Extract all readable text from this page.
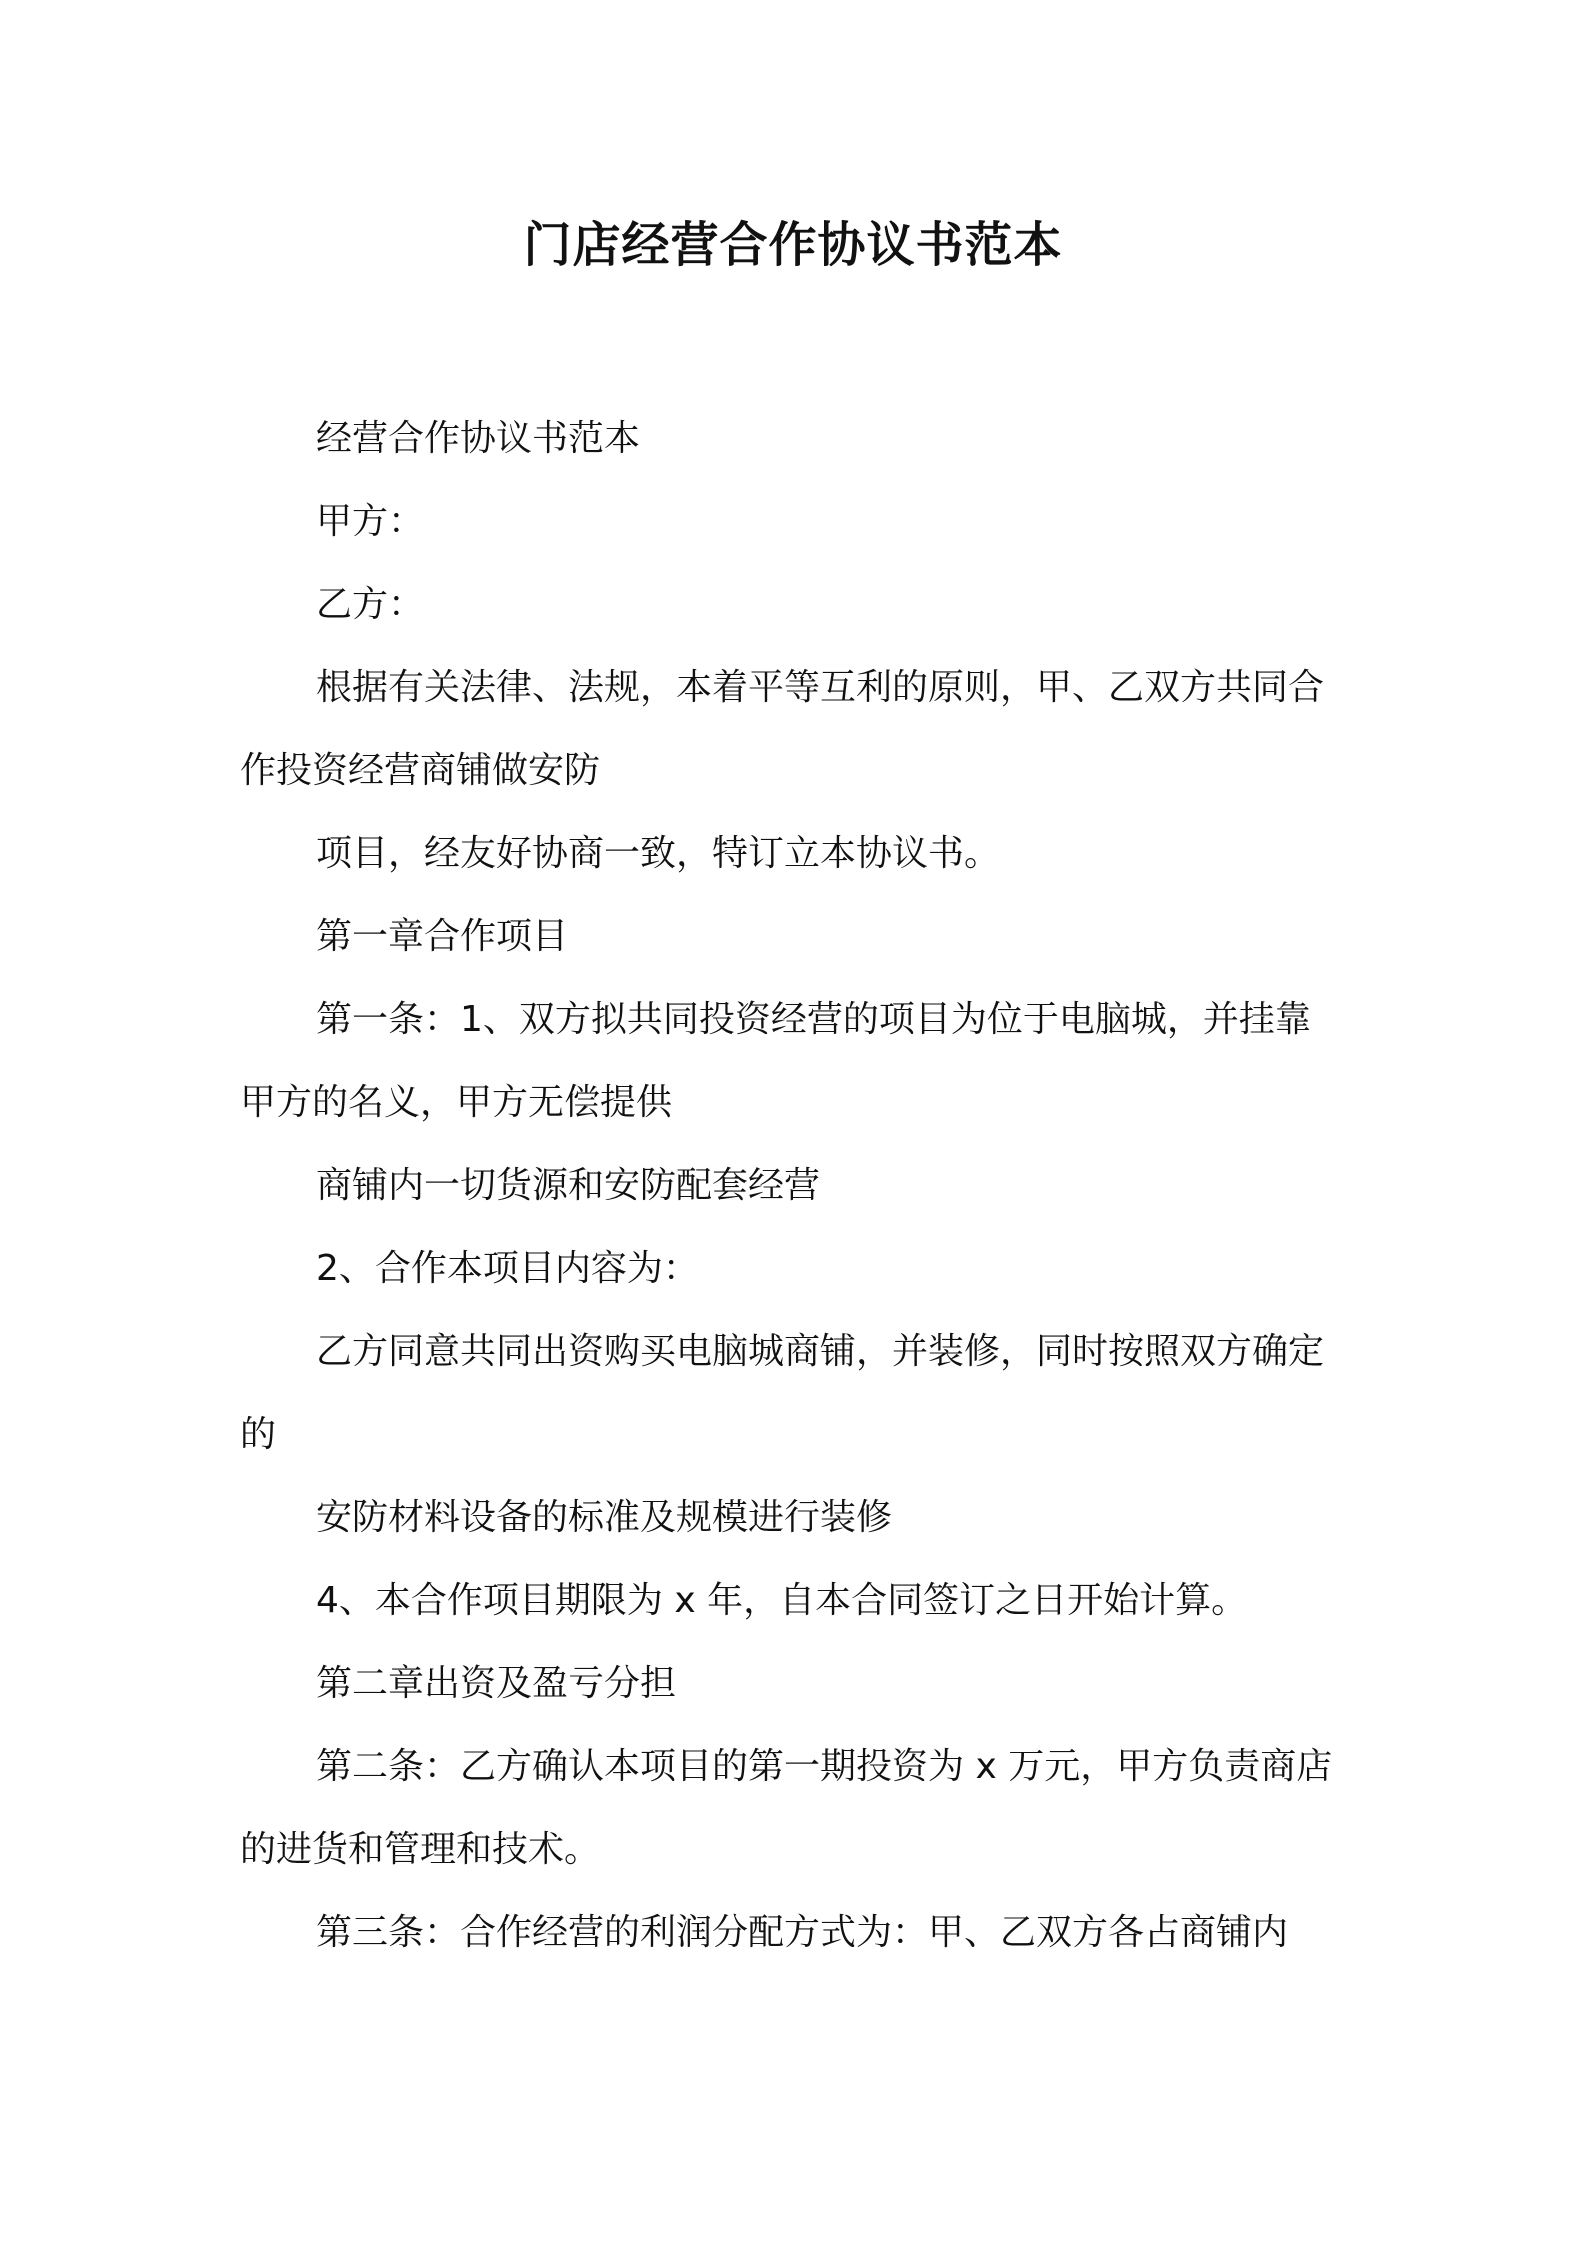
门店经营合作协议书范本
经营合作协议书范本
甲方：
乙方：
根据有关法律、法规，本着平等互利的原则，甲、乙双方共同合
作投资经营商铺做安防
项目，经友好协商一致，特订立本协议书。
第一章合作项目
第一条：1、双方拟共同投资经营的项目为位于电脑城，并挂靠
甲方的名义，甲方无偿提供
商铺内一切货源和安防配套经营
2、合作本项目内容为：
乙方同意共同出资购买电脑城商铺，并装修，同时按照双方确定
的
安防材料设备的标准及规模进行装修
4、本合作项目期限为 x 年，自本合同签订之日开始计算。
第二章出资及盈亏分担
第二条：乙方确认本项目的第一期投资为 x 万元，甲方负责商店
的进货和管理和技术。
第三条：合作经营的利润分配方式为：甲、乙双方各占商铺内
